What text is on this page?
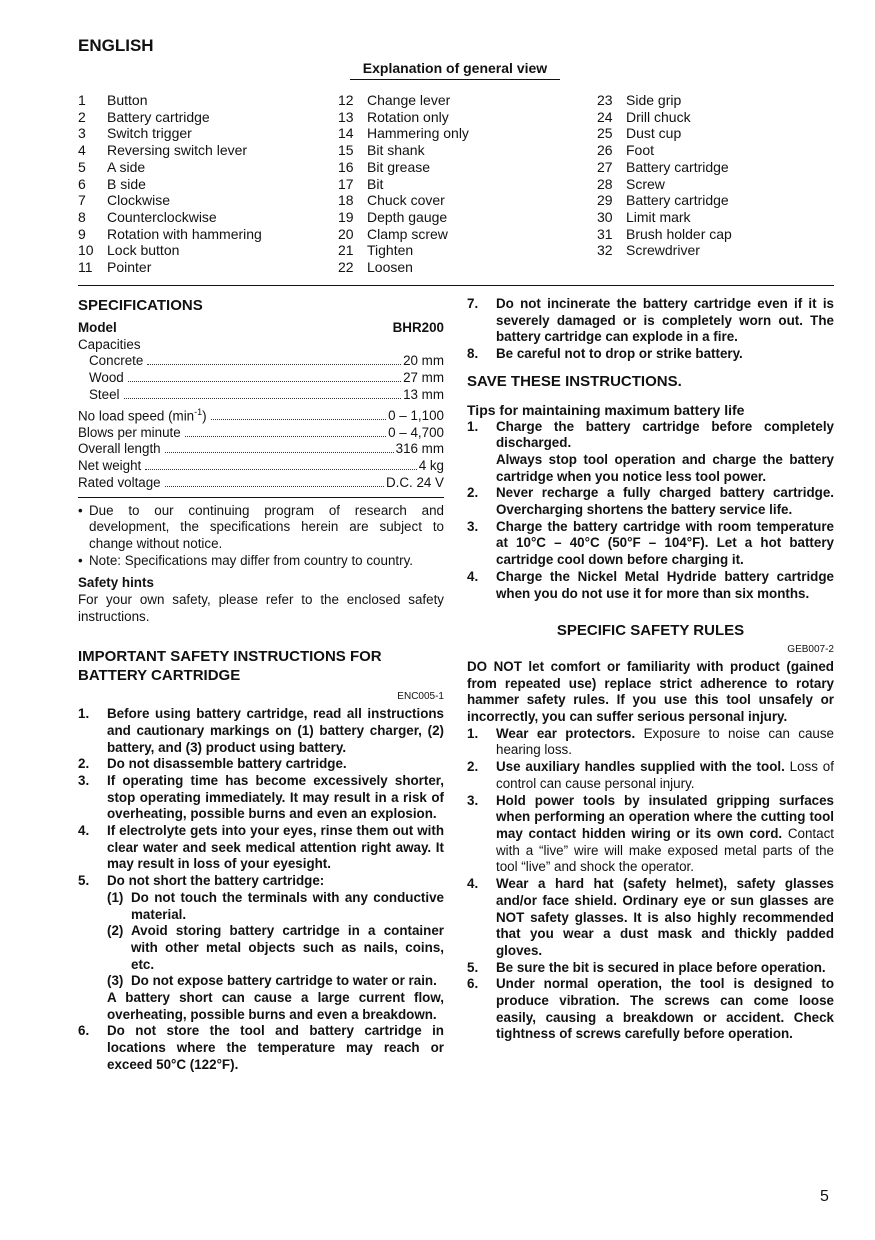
ENGLISH
Explanation of general view
1	Button
2	Battery cartridge
3	Switch trigger
4	Reversing switch lever
5	A side
6	B side
7	Clockwise
8	Counterclockwise
9	Rotation with hammering
10 Lock button
11	Pointer
12 Change lever
13 Rotation only
14 Hammering only
15 Bit shank
16 Bit grease
17 Bit
18 Chuck cover
19 Depth gauge
20 Clamp screw
21 Tighten
22 Loosen
23 Side grip
24 Drill chuck
25 Dust cup
26 Foot
27 Battery cartridge
28 Screw
29 Battery cartridge
30 Limit mark
31 Brush holder cap
32 Screwdriver
SPECIFICATIONS
Model	BHR200
Capacities
Concrete	20 mm
Wood	27 mm
Steel	13 mm
No load speed $(\min^{-1})$	0 – 1,100
Blows per minute	0 – 4,700
Overall length	316 mm
Net weight	4 kg
Rated voltage	D.C. 24 V
• Due to our continuing program of research and development, the specifications herein are subject to change without notice.
• Note: Specifications may differ from country to country.
Safety hints
For your own safety, please refer to the enclosed safety instructions.
IMPORTANT SAFETY INSTRUCTIONS FOR
BATTERY CARTRIDGE
ENC005-1
1.	Before using battery cartridge, read all instructions and cautionary markings on (1) battery charger, (2) battery, and (3) product using battery.
2.	Do not disassemble battery cartridge.
3.	If operating time has become excessively shorter, stop operating immediately. It may result in a risk of overheating, possible burns and even an explosion.
4.	If electrolyte gets into your eyes, rinse them out with clear water and seek medical attention right away. It may result in loss of your eyesight.
5.	Do not short the battery cartridge:
(1) Do not touch the terminals with any conductive material.
(2) Avoid storing battery cartridge in a container with other metal objects such as nails, coins, etc.
(3) Do not expose battery cartridge to water or rain.
A battery short can cause a large current flow, overheating, possible burns and even a breakdown.
6.	Do not store the tool and battery cartridge in locations where the temperature may reach or exceed 50°C (122°F).
7.	Do not incinerate the battery cartridge even if it is severely damaged or is completely worn out. The battery cartridge can explode in a fire.
8.	Be careful not to drop or strike battery.
SAVE THESE INSTRUCTIONS.
Tips for maintaining maximum battery life
1.	Charge the battery cartridge before completely discharged.
Always stop tool operation and charge the battery cartridge when you notice less tool power.
2.	Never recharge a fully charged battery cartridge. Overcharging shortens the battery service life.
3.	Charge the battery cartridge with room temperature at 10°C – 40°C (50°F – 104°F). Let a hot battery cartridge cool down before charging it.
4.	Charge the Nickel Metal Hydride battery cartridge when you do not use it for more than six months.
SPECIFIC SAFETY RULES
GEB007-2
DO NOT let comfort or familiarity with product (gained from repeated use) replace strict adherence to rotary hammer safety rules. If you use this tool unsafely or incorrectly, you can suffer serious personal injury.
1.	Wear ear protectors. Exposure to noise can cause hearing loss.
2.	Use auxiliary handles supplied with the tool. Loss of control can cause personal injury.
3.	Hold power tools by insulated gripping surfaces when performing an operation where the cutting tool may contact hidden wiring or its own cord. Contact with a “live” wire will make exposed metal parts of the tool “live” and shock the operator.
4.	Wear a hard hat (safety helmet), safety glasses and/or face shield. Ordinary eye or sun glasses are NOT safety glasses. It is also highly recommended that you wear a dust mask and thickly padded gloves.
5.	Be sure the bit is secured in place before operation.
6.	Under normal operation, the tool is designed to produce vibration. The screws can come loose easily, causing a breakdown or accident. Check tightness of screws carefully before operation.
5
